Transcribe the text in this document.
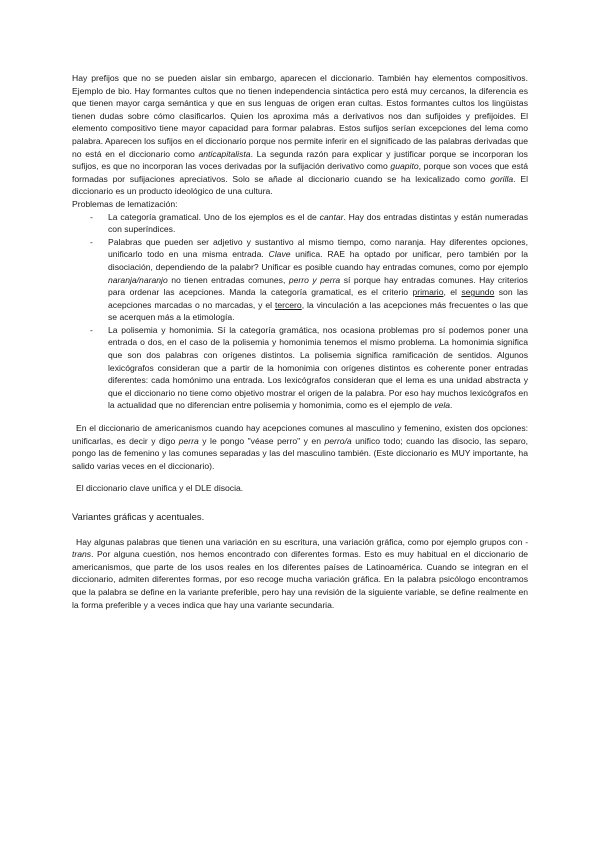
Hay prefijos que no se pueden aislar sin embargo, aparecen el diccionario. También hay elementos compositivos. Ejemplo de bio. Hay formantes cultos que no tienen independencia sintáctica pero está muy cercanos, la diferencia es que tienen mayor carga semántica y que en sus lenguas de origen eran cultas. Estos formantes cultos los lingüistas tienen dudas sobre cómo clasificarlos. Quien los aproxima más a derivativos nos dan sufijoides y prefijoides. El elemento compositivo tiene mayor capacidad para formar palabras. Estos sufijos serían excepciones del lema como palabra. Aparecen los sufijos en el diccionario porque nos permite inferir en el significado de las palabras derivadas que no está en el diccionario como anticapitalista. La segunda razón para explicar y justificar porque se incorporan los sufijos, es que no incorporan las voces derivadas por la sufijación derivativo como guapito, porque son voces que está formadas por sufijaciones apreciativos. Solo se añade al diccionario cuando se ha lexicalizado como gorilla. El diccionario es un producto ideológico de una cultura.

Problemas de lematización:

- La categoría gramatical. Uno de los ejemplos es el de cantar. Hay dos entradas distintas y están numeradas con superíndices.
- Palabras que pueden ser adjetivo y sustantivo al mismo tiempo, como naranja. Hay diferentes opciones, unificarlo todo en una misma entrada. Clave unifica. RAE ha optado por unificar, pero también por la disociación, dependiendo de la palabr? Unificar es posible cuando hay entradas comunes, como por ejemplo naranja/naranjo no tienen entradas comunes, perro y perra sí porque hay entradas comunes. Hay criterios para ordenar las acepciones. Manda la categoría gramatical, es el criterio primario, el segundo son las acepciones marcadas o no marcadas, y el tercero, la vinculación a las acepciones más frecuentes o las que se acerquen más a la etimología.
- La polisemia y homonimia. Sí la categoría gramática, nos ocasiona problemas pro sí podemos poner una entrada o dos, en el caso de la polisemia y homonimia tenemos el mismo problema. La homonimia significa que son dos palabras con orígenes distintos. La polisemia significa ramificación de sentidos. Algunos lexicógrafos consideran que a partir de la homonimia con orígenes distintos es coherente poner entradas diferentes: cada homónimo una entrada. Los lexicógrafos consideran que el lema es una unidad abstracta y que el diccionario no tiene como objetivo mostrar el origen de la palabra. Por eso hay muchos lexicógrafos en la actualidad que no diferencian entre polisemia y homonimia, como es el ejemplo de vela.

En el diccionario de americanismos cuando hay acepciones comunes al masculino y femenino, existen dos opciones: unificarlas, es decir y digo perra y le pongo "véase perro" y en perro/a unifico todo; cuando las disocio, las separo, pongo las de femenino y las comunes separadas y las del masculino también. (Este diccionario es MUY importante, ha salido varias veces en el diccionario).

El diccionario clave unifica y el DLE disocia.

Variantes gráficas y acentuales.

Hay algunas palabras que tienen una variación en su escritura, una variación gráfica, como por ejemplo grupos con -trans. Por alguna cuestión, nos hemos encontrado con diferentes formas. Esto es muy habitual en el diccionario de americanismos, que parte de los usos reales en los diferentes países de Latinoamérica. Cuando se integran en el diccionario, admiten diferentes formas, por eso recoge mucha variación gráfica. En la palabra psicólogo encontramos que la palabra se define en la variante preferible, pero hay una revisión de la siguiente variable, se define realmente en la forma preferible y a veces indica que hay una variante secundaria.
